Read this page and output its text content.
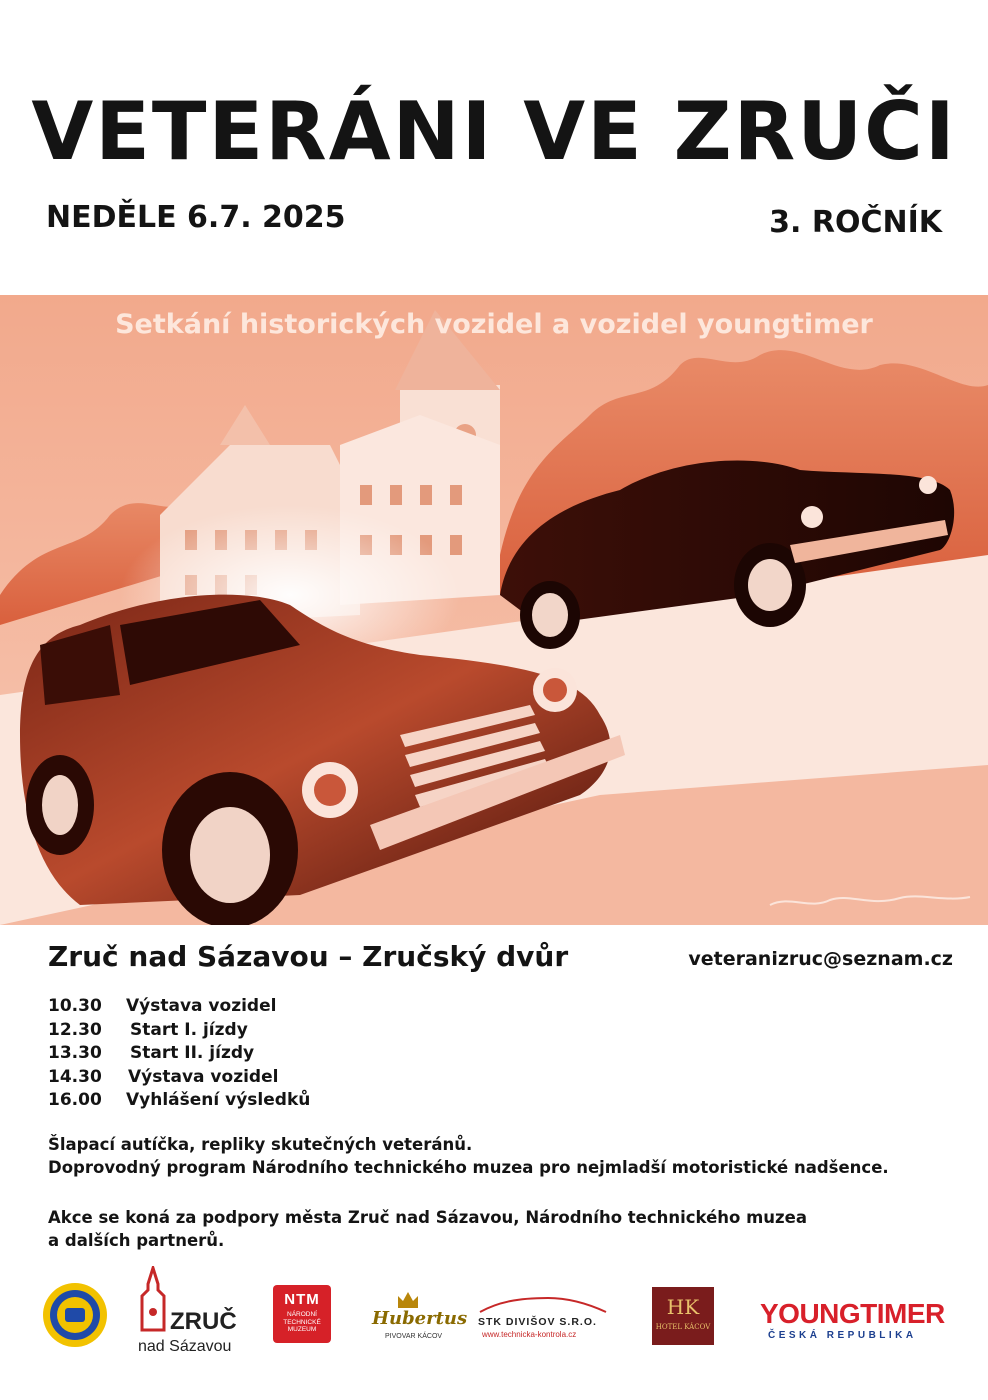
VETERÁNI VE ZRUČI
NEDĚLE 6.7. 2025	3. ROČNÍK
Setkání historických vozidel a vozidel youngtimer
Zruč nad Sázavou – Zručský dvůr	veteranizruc@seznam.cz
10.30 Výstava vozidel
12.30 Start I. jízdy
13.30 Start II. jízdy
14.30 Výstava vozidel
16.00 Vyhlášení výsledků

Šlapací autíčka, repliky skutečných veteránů.

Doprovodný program Národního technického muzea pro nejmladší motoristické nadšence.

Akce se koná za podpory města Zruč nad Sázavou, Národního technického muzea

a dalších partnerů.

ZRUČ
nad Sázavou
NTM
NÁRODNÍ
TECHNICKÉ
MUZEUM
Hubertus
PIVOVAR KÁCOV
STK DIVIŠOV S.R.O.
www.technicka-kontrola.cz
HK
HOTEL KÁCOV YOUNGTIMER
ČESKÁ REPUBLIKA
